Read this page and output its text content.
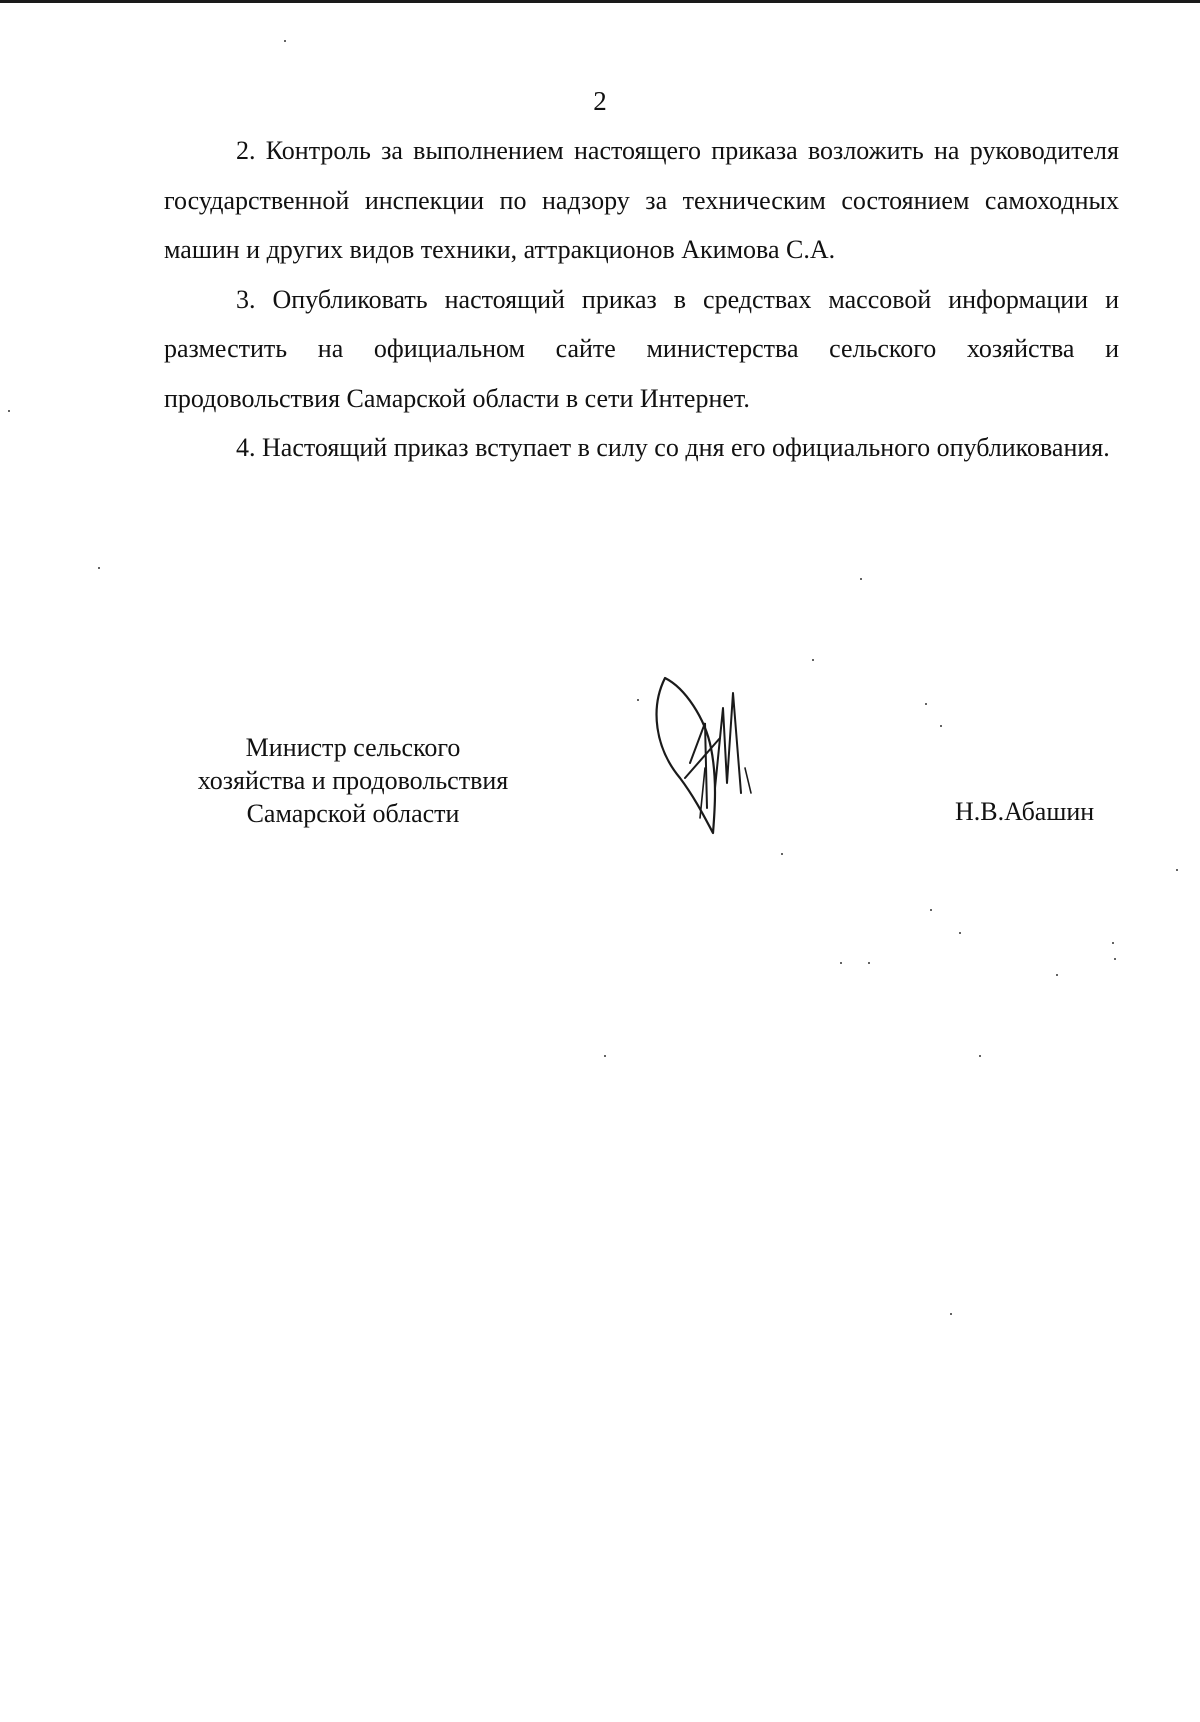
2

2. Контроль за выполнением настоящего приказа возложить на руководителя государственной инспекции по надзору за техническим состоянием самоходных машин и других видов техники, аттракционов Акимова С.А.

3. Опубликовать настоящий приказ в средствах массовой информации и разместить на официальном сайте министерства сельского хозяйства и продовольствия Самарской области в сети Интернет.

4. Настоящий приказ вступает в силу со дня его официального опубликования.

Министр сельского
хозяйства и продовольствия
Самарской области	Н.В.Абашин
